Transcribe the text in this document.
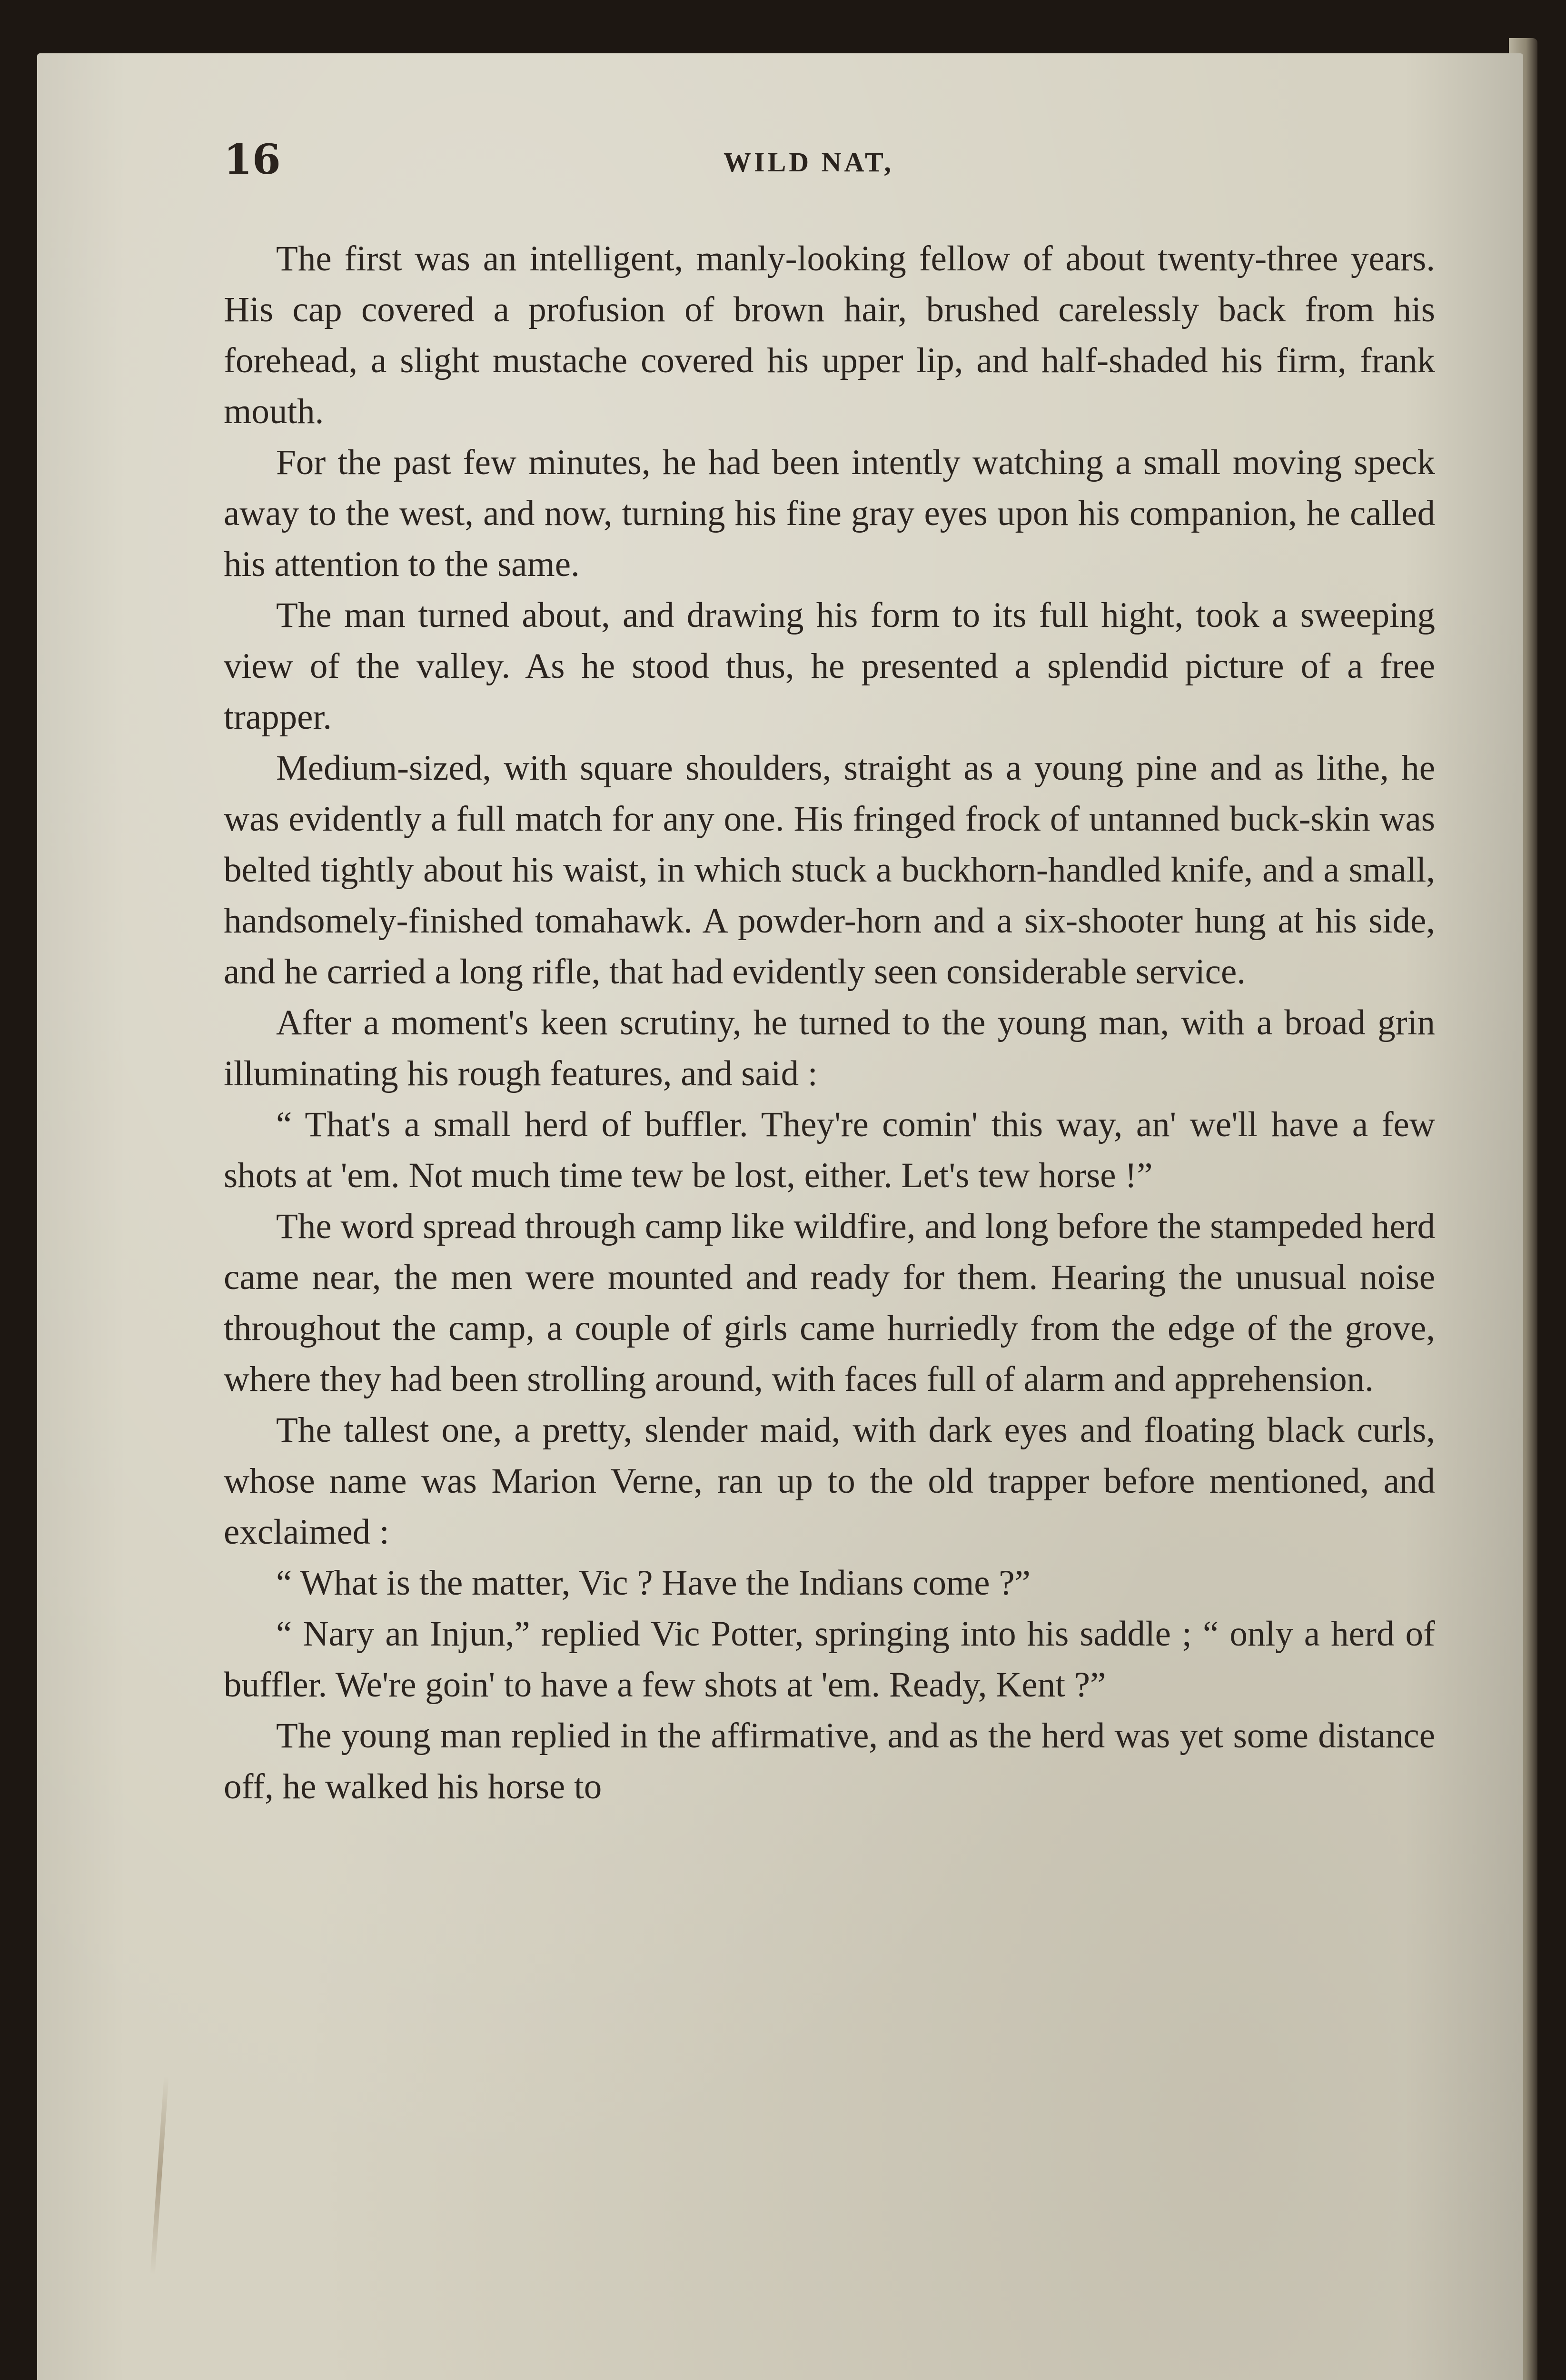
16	WILD NAT,

The first was an intelligent, manly-looking fellow of about twenty-three years. His cap covered a profusion of brown hair, brushed carelessly back from his forehead, a slight mustache covered his upper lip, and half-shaded his firm, frank mouth.

For the past few minutes, he had been intently watching a small moving speck away to the west, and now, turning his fine gray eyes upon his companion, he called his attention to the same.

The man turned about, and drawing his form to its full hight, took a sweeping view of the valley. As he stood thus, he presented a splendid picture of a free trapper.

Medium-sized, with square shoulders, straight as a young pine and as lithe, he was evidently a full match for any one. His fringed frock of untanned buck-skin was belted tightly about his waist, in which stuck a buckhorn-handled knife, and a small, handsomely-finished tomahawk. A powder-horn and a six-shooter hung at his side, and he carried a long rifle, that had evidently seen considerable service.

After a moment's keen scrutiny, he turned to the young man, with a broad grin illuminating his rough features, and said :

“ That's a small herd of buffler. They're comin' this way, an' we'll have a few shots at 'em. Not much time tew be lost, either. Let's tew horse !”

The word spread through camp like wildfire, and long before the stampeded herd came near, the men were mounted and ready for them. Hearing the unusual noise throughout the camp, a couple of girls came hurriedly from the edge of the grove, where they had been strolling around, with faces full of alarm and apprehension.

The tallest one, a pretty, slender maid, with dark eyes and floating black curls, whose name was Marion Verne, ran up to the old trapper before mentioned, and exclaimed :

“ What is the matter, Vic ? Have the Indians come ?”

“ Nary an Injun,” replied Vic Potter, springing into his saddle ; “ only a herd of buffler. We're goin' to have a few shots at 'em. Ready, Kent ?”

The young man replied in the affirmative, and as the herd was yet some distance off, he walked his horse to
